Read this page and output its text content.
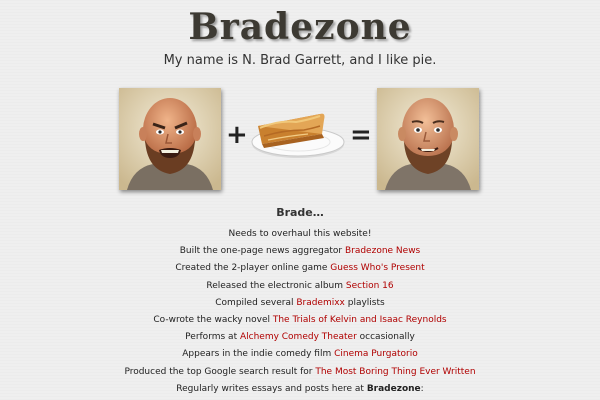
Bradezone
My name is N. Brad Garrett, and I like pie.
+	=
Brade…
Needs to overhaul this website!
Built the one-page news aggregator Bradezone News
Created the 2-player online game Guess Who's Present
Released the electronic album Section 16
Compiled several Brademixx playlists
Co-wrote the wacky novel The Trials of Kelvin and Isaac Reynolds
Performs at Alchemy Comedy Theater occasionally
Appears in the indie comedy film Cinema Purgatorio
Produced the top Google search result for The Most Boring Thing Ever Written
Regularly writes essays and posts here at Bradezone:
